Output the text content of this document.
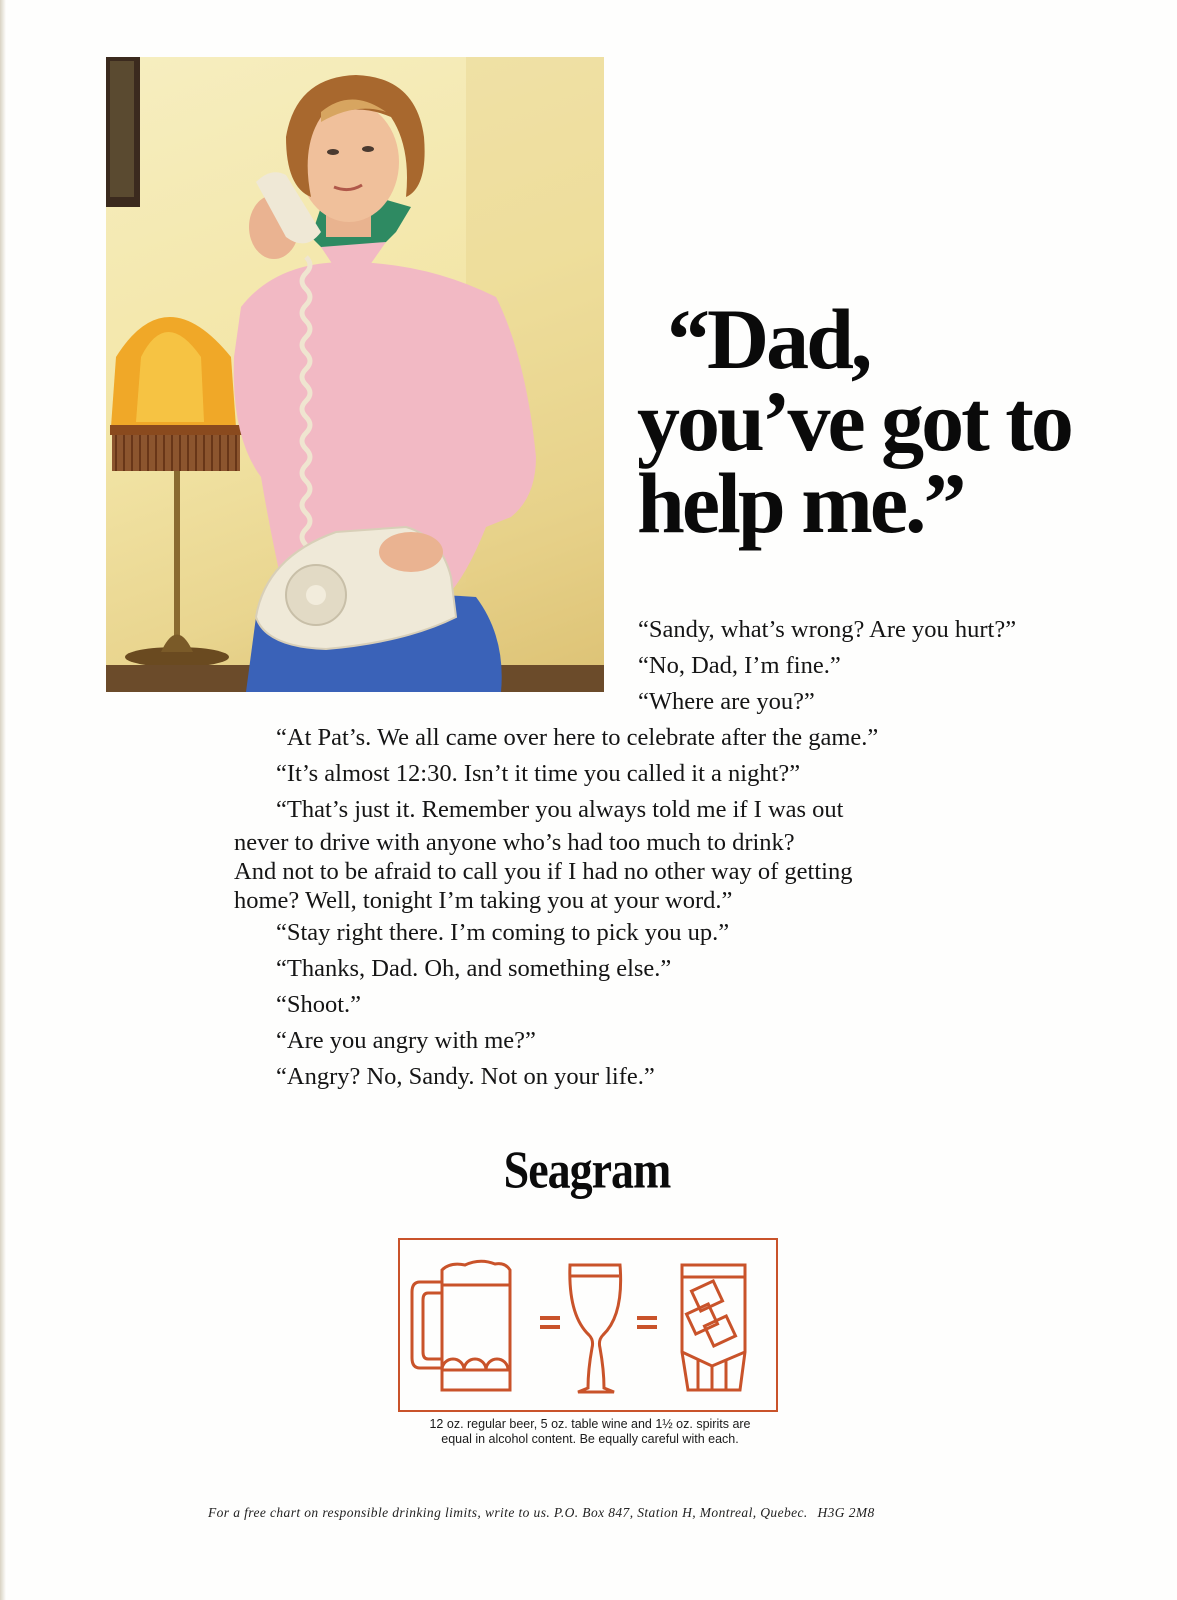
“Dad,
you’ve got to
help me.”
“Sandy, what’s wrong? Are you hurt?”
“No, Dad, I’m fine.”
“Where are you?”
“At Pat’s. We all came over here to celebrate after the game.”
“It’s almost 12:30. Isn’t it time you called it a night?”
“That’s just it. Remember you always told me if I was out
never to drive with anyone who’s had too much to drink?
And not to be afraid to call you if I had no other way of getting
home? Well, tonight I’m taking you at your word.”
“Stay right there. I’m coming to pick you up.”
“Thanks, Dad. Oh, and something else.”
“Shoot.”
“Are you angry with me?”
“Angry? No, Sandy. Not on your life.”
Seagram
12 oz. regular beer, 5 oz. table wine and 1½ oz. spirits are
equal in alcohol content. Be equally careful with each.
For a free chart on responsible drinking limits, write to us. P.O. Box 847, Station H, Montreal, Quebec. H3G 2M8
